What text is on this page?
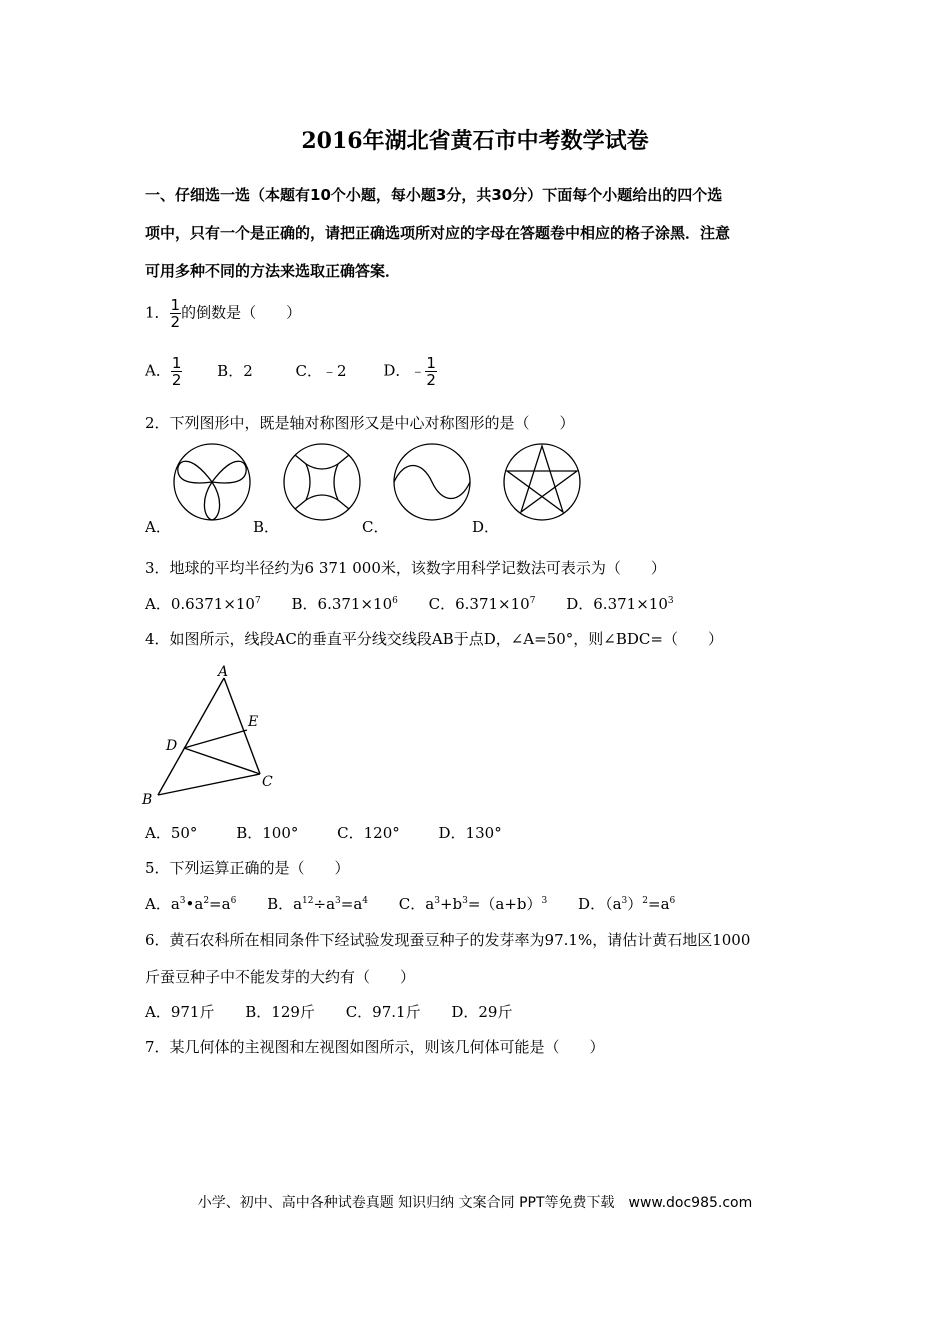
2016年湖北省黄石市中考数学试卷
一、仔细选一选（本题有10个小题，每小题3分，共30分）下面每个小题给出的四个选
项中，只有一个是正确的，请把正确选项所对应的字母在答题卷中相应的格子涂黑．注意
可用多种不同的方法来选取正确答案．
1． $\frac{1}{2}$ 的倒数是（　　）
A． $\frac{1}{2}$ B．2	C．﹣2 D．﹣ $\frac{1}{2}$
2．下列图形中，既是轴对称图形又是中心对称图形的是（　　）
A．	B．	C．	D．
3．地球的平均半径约为6 371 000米，该数字用科学记数法可表示为（　　）
A．$0.6371\times 10^7$ B．$6.371\times 10^6$ C．$6.371\times 10^7$ D．$6.371\times 10^3$
4．如图所示，线段AC的垂直平分线交线段AB于点D，∠A=50°，则∠BDC=（　　）
A
B
C
D
E
A．50°	B．100°	C．120°	D．130°
5．下列运算正确的是（　　）
A．$a^3•a^2=a^6$ B．$a^{12}\div a^3=a^4$ C．$a^3+b^3=(a+b)^3$ D．$(a^3)^2=a^6$
6．黄石农科所在相同条件下经试验发现蚕豆种子的发芽率为97.1%，请估计黄石地区1000
斤蚕豆种子中不能发芽的大约有（　　）
A．971斤 B．129斤 C．97.1斤 D．29斤
7．某几何体的主视图和左视图如图所示，则该几何体可能是（　　）
小学、初中、高中各种试卷真题 知识归纳 文案合同 PPT等免费下载　www.doc985.com
